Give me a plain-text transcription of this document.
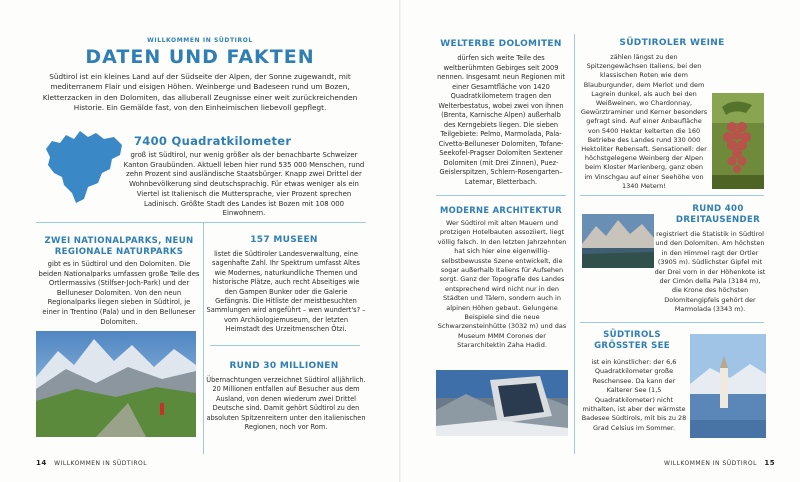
WILLKOMMEN IN SÜDTIROL
DATEN UND FAKTEN
Südtirol ist ein kleines Land auf der Südseite der Alpen, der Sonne zugewandt, mit mediterranem Flair und eisigen Höhen. Weinberge und Badeseen rund um Bozen, Kletterzacken in den Dolomiten, das alluberall Zeugnisse einer weit zurückreichenden Historie. Ein Gemälde fast, von den Einheimischen liebevoll gepflegt.
7400 Quadratkilometer
groß ist Südtirol, nur wenig größer als der benachbarte Schweizer Kanton Graubünden. Aktuell leben hier rund 535 000 Menschen, rund zehn Prozent sind ausländische Staatsbürger. Knapp zwei Drittel der Wohnbevölkerung sind deutschsprachig. Für etwas weniger als ein Viertel ist Italienisch die Muttersprache, vier Prozent sprechen Ladinisch. Größte Stadt des Landes ist Bozen mit 108 000 Einwohnern.
ZWEI NATIONALPARKS, NEUN REGIONALE NATURPARKS
gibt es in Südtirol und den Dolomiten. Die beiden Nationalparks umfassen große Teile des Ortlermassivs (Stilfser-Joch-Park) und der Belluneser Dolomiten. Von den neun Regionalparks liegen sieben in Südtirol, je einer in Trentino (Pala) und in den Belluneser Dolomiten.
157 MUSEEN
listet die Südtiroler Landesverwaltung, eine sagenhafte Zahl. Ihr Spektrum umfasst Altes wie Modernes, naturkundliche Themen und historische Plätze, auch recht Abseitiges wie den Gampen Bunker oder die Galerie Gefängnis. Die Hitliste der meistbesuchten Sammlungen wird angeführt – wen wundert's? – vom Archäologiemuseum, der letzten Heimstadt des Urzeitmenschen Ötzi.
RUND 30 MILLIONEN
Übernachtungen verzeichnet Südtirol alljährlich. 20 Millionen entfallen auf Besucher aus dem Ausland, von denen wiederum zwei Drittel Deutsche sind. Damit gehört Südtirol zu den absoluten Spitzenreitern unter den italienischen Regionen, noch vor Rom.
14 WILLKOMMEN IN SÜDTIROL
WELTERBE DOLOMITEN
dürfen sich weite Teile des weltberühmten Gebirges seit 2009 nennen. Insgesamt neun Regionen mit einer Gesamtfläche von 1420 Quadratkilometern tragen den Welterbestatus, wobei zwei von ihnen (Brenta, Karnische Alpen) außerhalb des Kerngebiets liegen. Die sieben Teilgebiete: Pelmo, Marmolada, Pala-Civetta-Belluneser Dolomiten, Tofane-Seekofel-Pragser Dolomiten Sextener Dolomiten (mit Drei Zinnen), Puez-Geislerspitzen, Schlern-Rosengarten–Latemar, Bletterbach.
SÜDTIROLER WEINE
zählen längst zu den Spitzengewächsen Italiens, bei den klassischen Roten wie dem Blauburgunder, dem Merlot und dem Lagrein dunkel, als auch bei den Weißweinen, wo Chardonnay, Gewürztraminer und Kerner besonders gefragt sind. Auf einer Anbaufläche von 5400 Hektar kelterten die 160 Betriebe des Landes rund 330 000 Hektoliter Rebensaft. Sensationell: der höchstgelegene Weinberg der Alpen beim Kloster Marienberg, ganz oben im Vinschgau auf einer Seehöhe von 1340 Metern!
MODERNE ARCHITEKTUR
Wer Südtirol mit alten Mauern und protzigen Hotelbauten assoziiert, liegt völlig falsch. In den letzten Jahrzehnten hat sich hier eine eigenwillig-selbstbewusste Szene entwickelt, die sogar außerhalb Italiens für Aufsehen sorgt. Ganz der Topografie des Landes entsprechend wird nicht nur in den Städten und Tälern, sondern auch in alpinen Höhen gebaut. Gelungene Beispiele sind die neue Schwarzensteinhütte (3032 m) und das Museum MMM Corones der Stararchitektin Zaha Hadid.
RUND 400 DREITAUSENDER
registriert die Statistik in Südtirol und den Dolomiten. Am höchsten in den Himmel ragt der Ortler (3905 m). Südlichster Gipfel mit der Drei vorn in der Höhenkote ist der Cimón della Pala (3184 m), die Krone des höchsten Dolomitengipfels gehört der Marmolada (3343 m).
SÜDTIROLS GRÖSSTER SEE
ist ein künstlicher: der 6,6 Quadratkilometer große Reschensee. Da kann der Kalterer See (1,5 Quadratkilometer) nicht mithalten, ist aber der wärmste Badesee Südtirols, mit bis zu 28 Grad Celsius im Sommer.
WILLKOMMEN IN SÜDTIROL 15
